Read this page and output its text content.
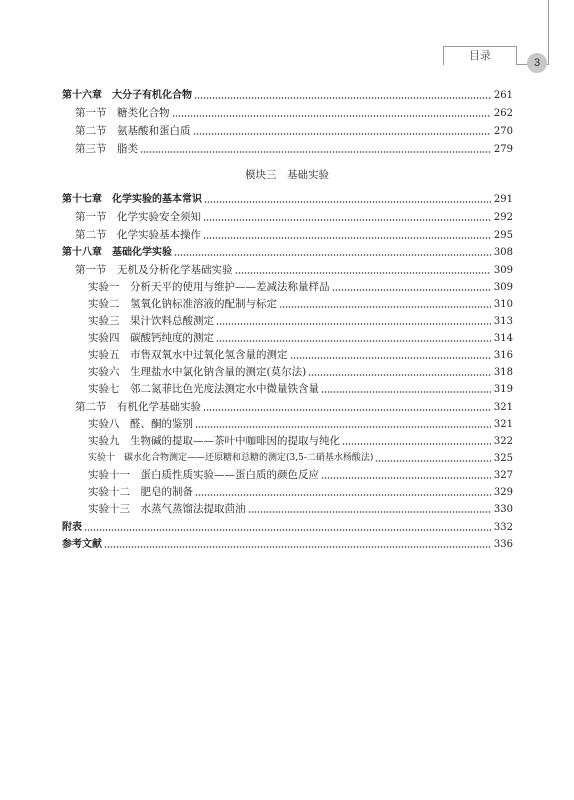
目录
3
第十六章　大分子有机化合物	261
第一节　糖类化合物	262
第二节　氨基酸和蛋白质	270
第三节　脂类	279
模块三　基础实验
第十七章　化学实验的基本常识	291
第一节　化学实验安全须知	292
第二节　化学实验基本操作	295
第十八章　基础化学实验	308
第一节　无机及分析化学基础实验	309
实验一　分析天平的使用与维护——差减法称量样品	309
实验二　氢氧化钠标准溶液的配制与标定	310
实验三　果汁饮料总酸测定	313
实验四　碳酸钙纯度的测定	314
实验五　市售双氧水中过氧化氢含量的测定	316
实验六　生理盐水中氯化钠含量的测定(莫尔法)	318
实验七　邻二氮菲比色光度法测定水中微量铁含量	319
第二节　有机化学基础实验	321
实验八　醛、酮的鉴别	321
实验九　生物碱的提取——茶叶中咖啡因的提取与纯化	322
实验十　碳水化合物测定——还原糖和总糖的测定(3,5-二硝基水杨酸法)	325
实验十一　蛋白质性质实验——蛋白质的颜色反应	327
实验十二　肥皂的制备	329
实验十三　水蒸气蒸馏法提取茴油	330
附表	332
参考文献	336
